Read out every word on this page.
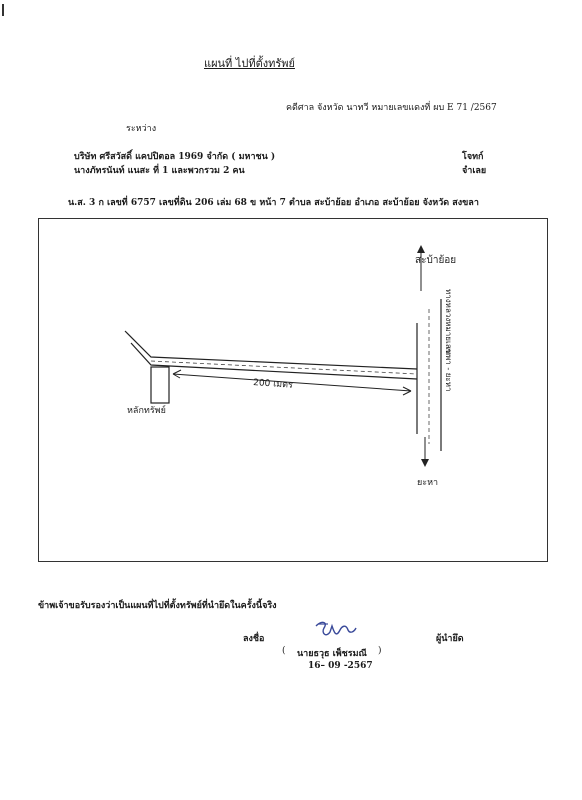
แผนที่ ไปที่ตั้งทรัพย์
คดีศาล จังหวัด นาทวี หมายเลขแดงที่ ผบ E 71 /2567
ระหว่าง
บริษัท ศรีสวัสดิ์ แคปปิตอล 1969 จำกัด ( มหาชน )	โจทก์
นางภัทรนันท์ แนสะ ที่ 1 และพวกรวม 2 คน	จำเลย
น.ส. 3 ก เลขที่ 6757 เลขที่ดิน 206 เล่ม 68 ข หน้า 7 ตำบล สะบ้าย้อย อำเภอ สะบ้าย้อย จังหวัด สงขลา
สะบ้าย้อย
ยะหา
200 เมตร
หลักทรัพย์
ทางหลวงหมายเลข
เทพา - ยะหา
ข้าพเจ้าขอรับรองว่าเป็นแผนที่ไปที่ตั้งทรัพย์ที่นำยึดในครั้งนี้จริง
ลงชื่อ	ผู้นำยึด
( นายธวุธ เพ็ชรมณี )
16– 09 -2567
